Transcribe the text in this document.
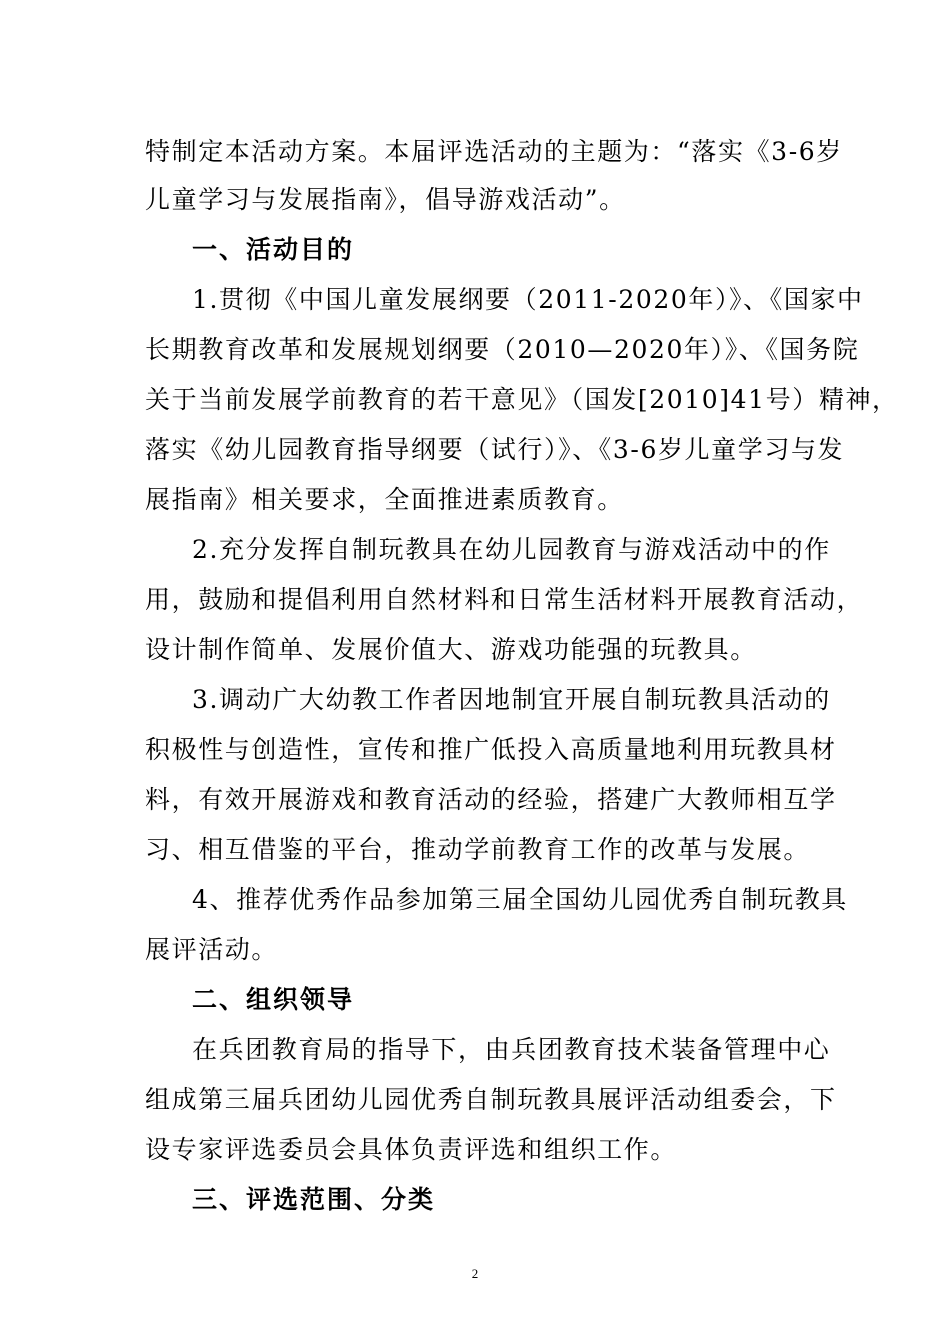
特制定本活动方案。本届评选活动的主题为：“落实《3-6岁
儿童学习与发展指南》，倡导游戏活动”。
一、活动目的
1.贯彻《中国儿童发展纲要（2011-2020年）》、《国家中
长期教育改革和发展规划纲要（2010—2020年）》、《国务院
关于当前发展学前教育的若干意见》（国发[2010]41号）精神，
落实《幼儿园教育指导纲要（试行）》、《3-6岁儿童学习与发
展指南》相关要求，全面推进素质教育。
2.充分发挥自制玩教具在幼儿园教育与游戏活动中的作
用，鼓励和提倡利用自然材料和日常生活材料开展教育活动，
设计制作简单、发展价值大、游戏功能强的玩教具。
3.调动广大幼教工作者因地制宜开展自制玩教具活动的
积极性与创造性，宣传和推广低投入高质量地利用玩教具材
料，有效开展游戏和教育活动的经验，搭建广大教师相互学
习、相互借鉴的平台，推动学前教育工作的改革与发展。
4、推荐优秀作品参加第三届全国幼儿园优秀自制玩教具
展评活动。
二、组织领导
在兵团教育局的指导下，由兵团教育技术装备管理中心
组成第三届兵团幼儿园优秀自制玩教具展评活动组委会，下
设专家评选委员会具体负责评选和组织工作。
三、评选范围、分类
2
